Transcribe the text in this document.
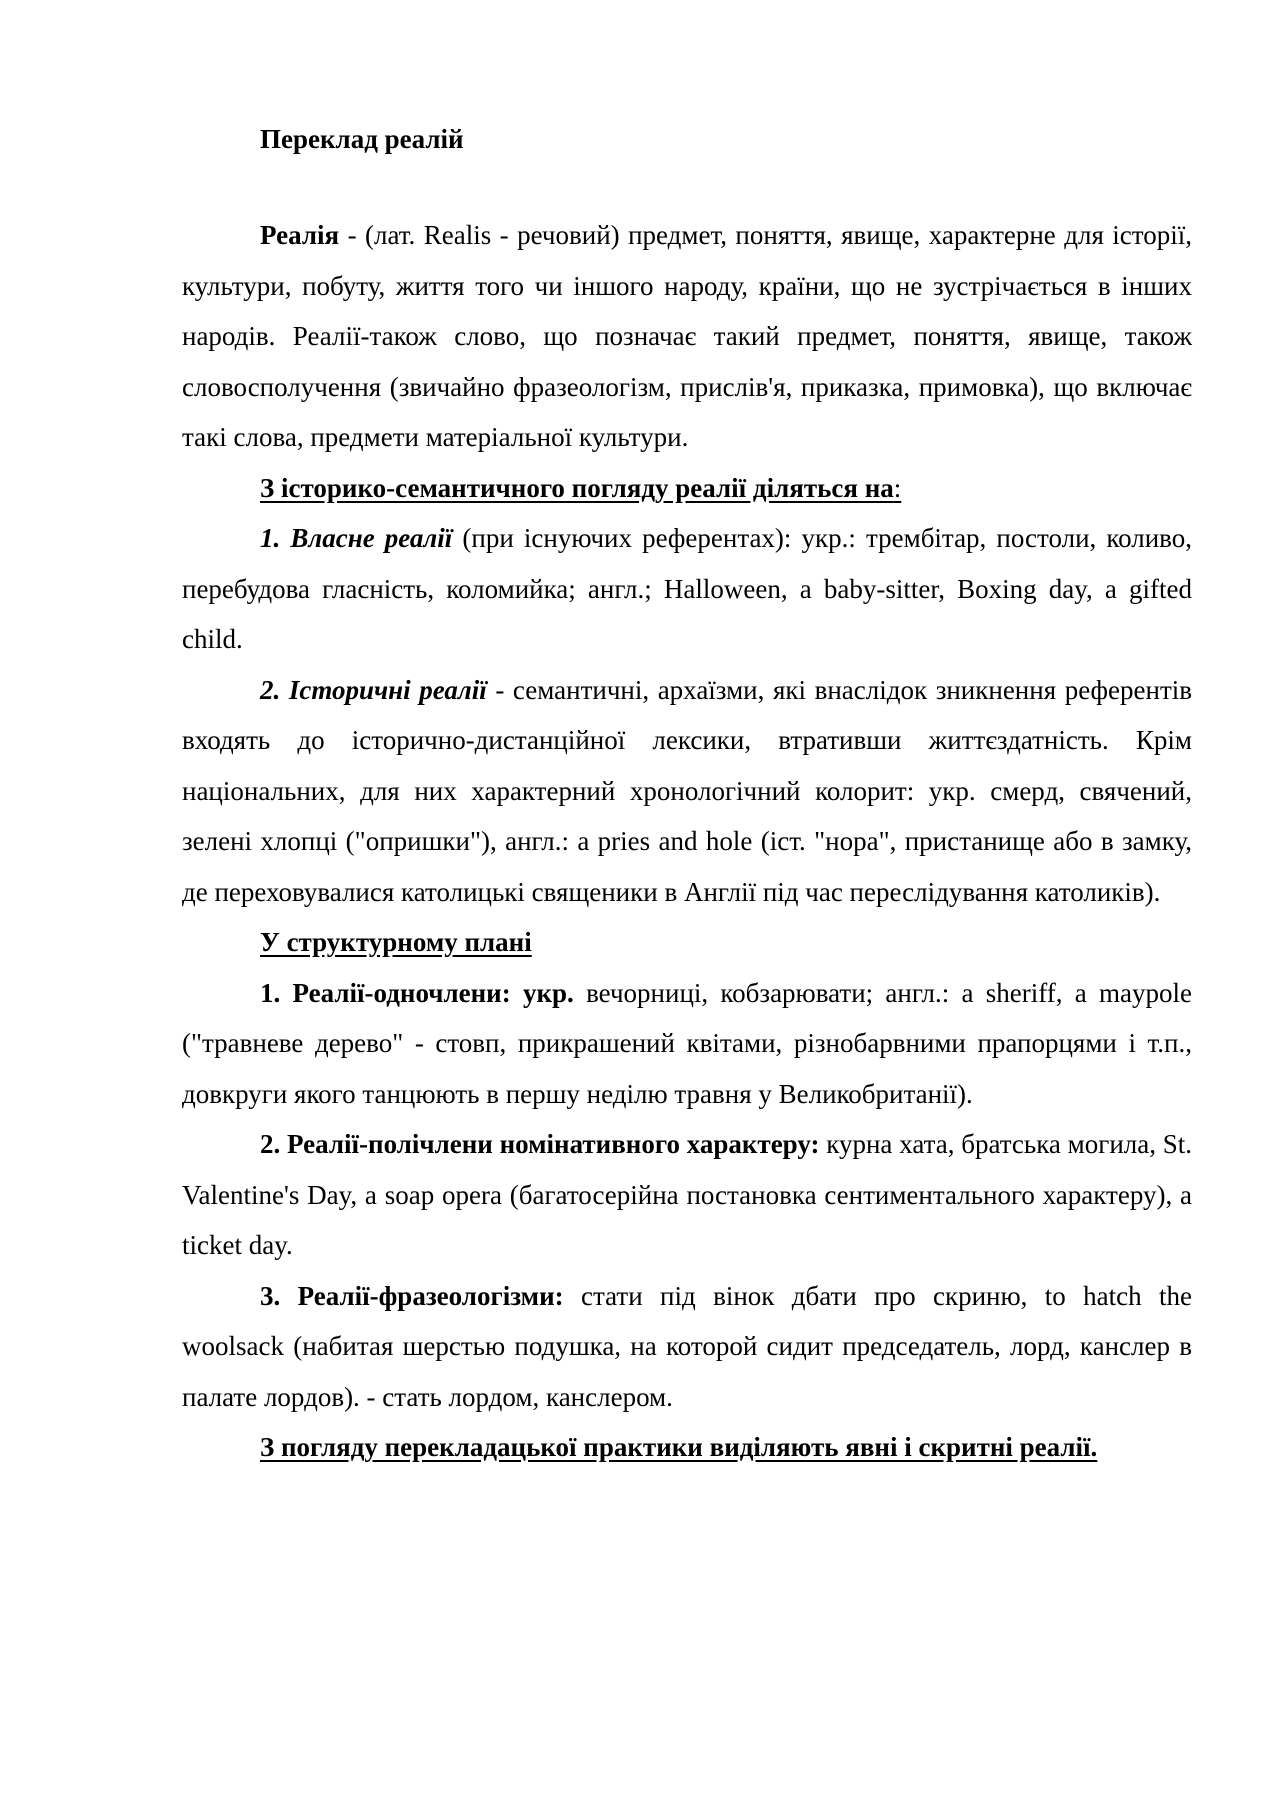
Переклад реалій

Реалія - (лат. Realis - речовий) предмет, поняття, явище, характерне для історії, культури, побуту, життя того чи іншого народу, країни, що не зустрічається в інших народів. Реалії-також слово, що позначає такий предмет, поняття, явище, також словосполучення (звичайно фразеологізм, прислів'я, приказка, примовка), що включає такі слова, предмети матеріальної культури.

З історико-семантичного погляду реалії діляться на:

1. Власне реалії (при існуючих референтах): укр.: трембітар, постоли, коливо, перебудова гласність, коломийка; англ.; Halloween, a baby-sitter, Boxing day, a gifted child.

2. Історичні реалії - семантичні, архаїзми, які внаслідок зникнення референтів входять до історично-дистанційної лексики, втративши життєздатність. Крім національних, для них характерний хронологічний колорит: укр. смерд, свячений, зелені хлопці ("опришки"), англ.: a pries and hole (іст. "нора", пристанище або в замку, де переховувалися католицькі священики в Англії під час переслідування католиків).

У структурному плані

1. Реалії-одночлени: укр. вечорниці, кобзарювати; англ.: a sheriff, a maypole ("травневе дерево" - стовп, прикрашений квітами, різнобарвними прапорцями і т.п., довкруги якого танцюють в першу неділю травня у Великобританії).

2. Реалії-полічлени номінативного характеру: курна хата, братська могила, St. Valentine's Day, a soap opera (багатосерійна постановка сентиментального характеру), a ticket day.

3. Реалії-фразеологізми: стати під вінок дбати про скриню, to hatch the woolsack (набитая шерстью подушка, на которой сидит председатель, лорд, канслер в палате лордов). - стать лордом, канслером.

З погляду перекладацької практики виділяють явні і скритні реалії.
